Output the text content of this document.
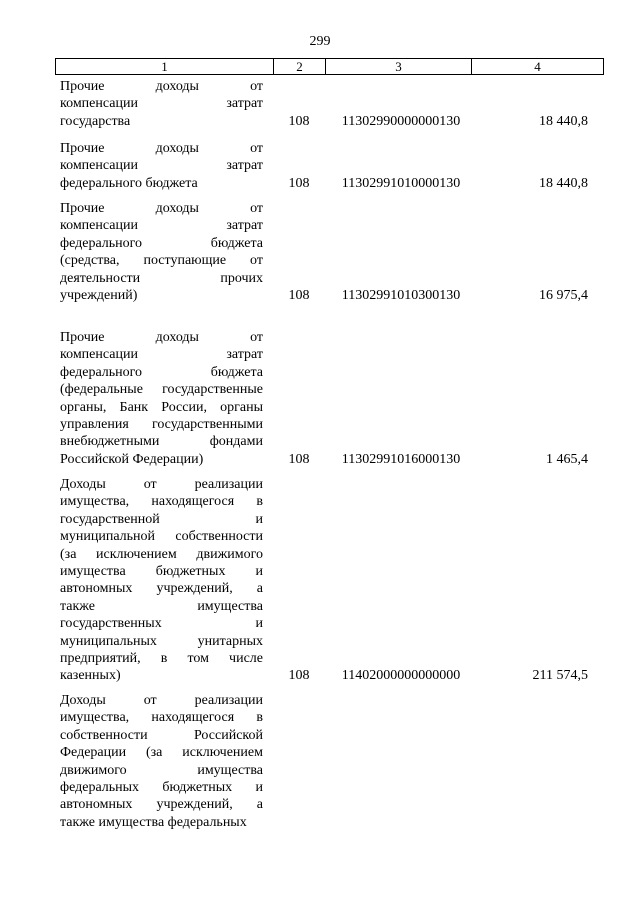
299
1	2	3	4
Прочие доходы от
компенсации затрат
государства	108	11302990000000130	18 440,8
Прочие доходы от
компенсации затрат
федерального бюджета	108	11302991010000130	18 440,8
Прочие доходы от
компенсации затрат
федерального бюджета
(средства, поступающие от
деятельности прочих
учреждений)	108	11302991010300130	16 975,4
Прочие доходы от
компенсации затрат
федерального бюджета
(федеральные государственные
органы, Банк России, органы
управления государственными
внебюджетными фондами
Российской Федерации)	108	11302991016000130	1 465,4
Доходы от реализации
имущества, находящегося в
государственной и
муниципальной собственности
(за исключением движимого
имущества бюджетных и
автономных учреждений, а
также имущества
государственных и
муниципальных унитарных
предприятий, в том числе
казенных)	108	11402000000000000	211 574,5
Доходы от реализации
имущества, находящегося в
собственности Российской
Федерации (за исключением
движимого имущества
федеральных бюджетных и
автономных учреждений, а
также имущества федеральных
